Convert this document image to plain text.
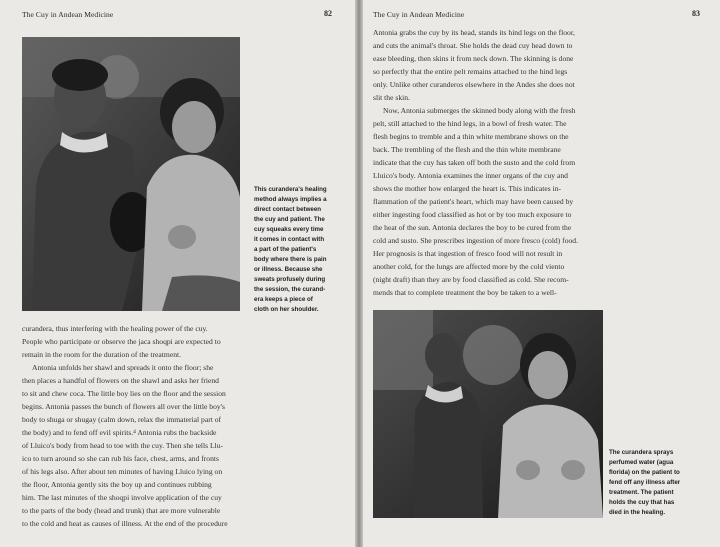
The Cuy in Andean Medicine	82
This curandera's healing
method always implies a
direct contact between
the cuy and patient. The
cuy squeaks every time
it comes in contact with
a part of the patient's
body where there is pain
or illness. Because she
sweats profusely during
the session, the curand-
era keeps a piece of
cloth on her shoulder.
curandera, thus interfering with the healing power of the cuy.
People who participate or observe the jaca shoqpi are expected to
remain in the room for the duration of the treatment.
Antonia unfolds her shawl and spreads it onto the floor; she
then places a handful of flowers on the shawl and asks her friend
to sit and chew coca. The little boy lies on the floor and the session
begins. Antonia passes the bunch of flowers all over the little boy's
body to shuga or shugay (calm down, relax the immaterial part of
the body) and to fend off evil spirits.⁴ Antonia rubs the backside
of Lluico's body from head to toe with the cuy. Then she tells Llu-
ico to turn around so she can rub his face, chest, arms, and fronts
of his legs also. After about ten minutes of having Lluico lying on
the floor, Antonia gently sits the boy up and continues rubbing
him. The last minutes of the shoqpi involve application of the cuy
to the parts of the body (head and trunk) that are more vulnerable
to the cold and heat as causes of illness. At the end of the procedure
The Cuy in Andean Medicine	83
Antonia grabs the cuy by its head, stands its hind legs on the floor,
and cuts the animal's throat. She holds the dead cuy head down to
ease bleeding, then skins it from neck down. The skinning is done
so perfectly that the entire pelt remains attached to the hind legs
only. Unlike other curanderos elsewhere in the Andes she does not
slit the skin.
Now, Antonia submerges the skinned body along with the fresh
pelt, still attached to the hind legs, in a bowl of fresh water. The
flesh begins to tremble and a thin white membrane shows on the
back. The trembling of the flesh and the thin white membrane
indicate that the cuy has taken off both the susto and the cold from
Lluico's body. Antonia examines the inner organs of the cuy and
shows the mother how enlarged the heart is. This indicates in-
flammation of the patient's heart, which may have been caused by
either ingesting food classified as hot or by too much exposure to
the heat of the sun. Antonia declares the boy to be cured from the
cold and susto. She prescribes ingestion of more fresco (cold) food.
Her prognosis is that ingestion of fresco food will not result in
another cold, for the lungs are affected more by the cold viento
(night draft) than they are by food classified as cold. She recom-
mends that to complete treatment the boy be taken to a well-
The curandera sprays
perfumed water (agua
florida) on the patient to
fend off any illness after
treatment. The patient
holds the cuy that has
died in the healing.
